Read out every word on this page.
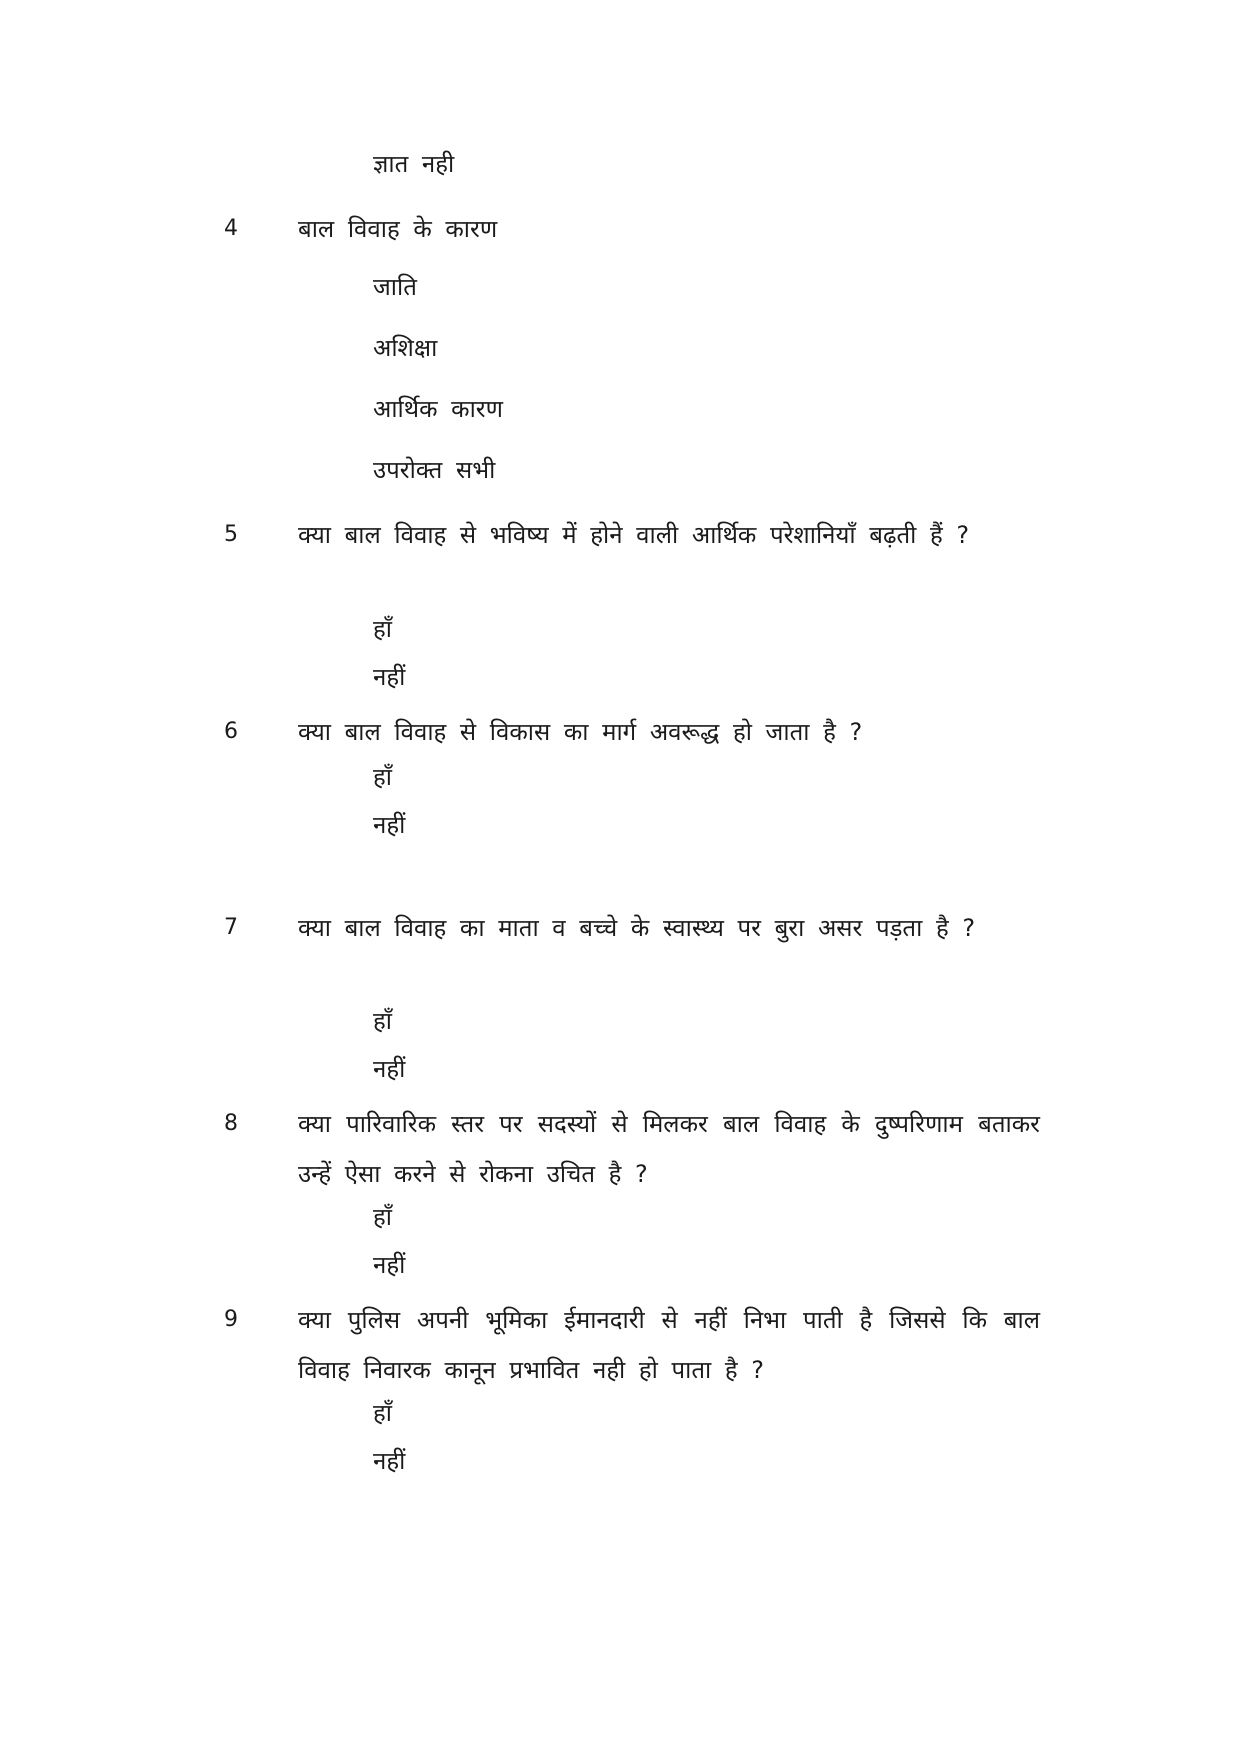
ज्ञात नही
4	बाल विवाह के कारण
जाति
अशिक्षा
आर्थिक कारण
उपरोक्त सभी
5	क्या बाल विवाह से भविष्य में होने वाली आर्थिक परेशानियाँ बढ़ती हैं ?
हाँ
नहीं
6	क्या बाल विवाह से विकास का मार्ग अवरूद्ध हो जाता है ?
हाँ
नहीं
7	क्या बाल विवाह का माता व बच्चे के स्वास्थ्य पर बुरा असर पड़ता है ?
हाँ
नहीं
8	क्या पारिवारिक स्तर पर सदस्यों से मिलकर बाल विवाह के दुष्परिणाम बताकर उन्हें ऐसा करने से रोकना उचित है ?
हाँ
नहीं
9	क्या पुलिस अपनी भूमिका ईमानदारी से नहीं निभा पाती है जिससे कि बाल विवाह निवारक कानून प्रभावित नही हो पाता है ?
हाँ
नहीं
